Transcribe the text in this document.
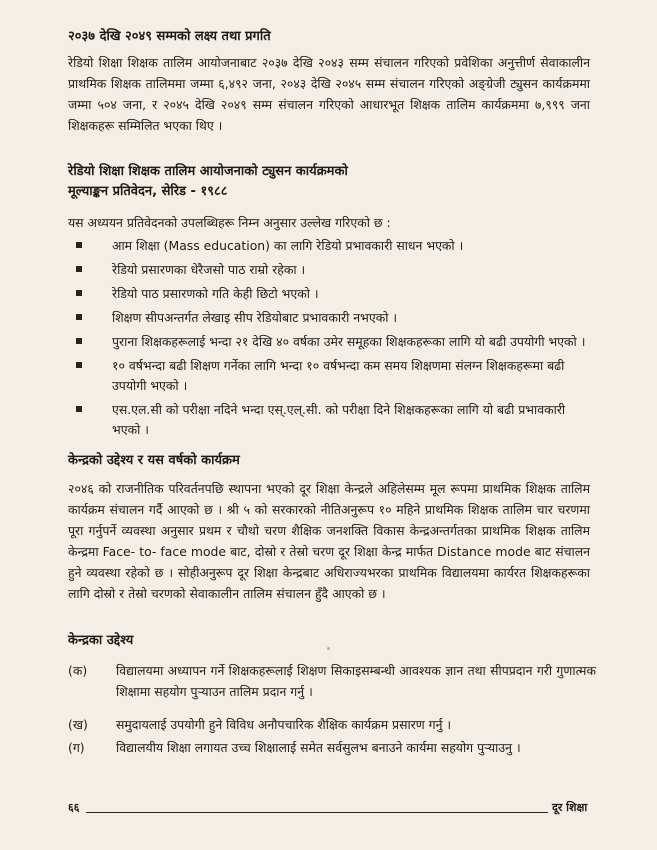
२०३७ देखि २०४९ सम्मको लक्ष्य तथा प्रगति
रेडियो शिक्षा शिक्षक तालिम आयोजनाबाट २०३७ देखि २०४३ सम्म संचालन गरिएको प्रवेशिका अनुत्तीर्ण सेवाकालीन प्राथमिक शिक्षक तालिममा जम्मा ६,४९२ जना, २०४३ देखि २०४५ सम्म संचालन गरिएको अङ्ग्रेजी ट्युसन कार्यक्रममा जम्मा ५०४ जना, र २०४५ देखि २०४९ सम्म संचालन गरिएको आधारभूत शिक्षक तालिम कार्यक्रममा ७,९९९ जना शिक्षकहरू सम्मिलित भएका थिए ।
रेडियो शिक्षा शिक्षक तालिम आयोजनाको ट्युसन कार्यक्रमको
मूल्याङ्कन प्रतिवेदन, सेरिड - १९८८
यस अध्ययन प्रतिवेदनको उपलब्धिहरू निम्न अनुसार उल्लेख गरिएको छ :
आम शिक्षा (Mass education) का लागि रेडियो प्रभावकारी साधन भएको ।
रेडियो प्रसारणका धेरैजसो पाठ राम्रो रहेका ।
रेडियो पाठ प्रसारणको गति केही छिटो भएको ।
शिक्षण सीपअन्तर्गत लेखाइ सीप रेडियोबाट प्रभावकारी नभएको ।
पुराना शिक्षकहरूलाई भन्दा २१ देखि ४० वर्षका उमेर समूहका शिक्षकहरूका लागि यो बढी उपयोगी भएको ।
१० वर्षभन्दा बढी शिक्षण गर्नेका लागि भन्दा १० वर्षभन्दा कम समय शिक्षणमा संलग्न शिक्षकहरूमा बढी उपयोगी भएको ।
एस.एल.सी को परीक्षा नदिने भन्दा एस्.एल्.सी. को परीक्षा दिने शिक्षकहरूका लागि यो बढी प्रभावकारी भएको ।
केन्द्रको उद्देश्य र यस वर्षको कार्यक्रम
२०४६ को राजनीतिक परिवर्तनपछि स्थापना भएको दूर शिक्षा केन्द्रले अहिलेसम्म मूल रूपमा प्राथमिक शिक्षक तालिम कार्यक्रम संचालन गर्दै आएको छ । श्री ५ को सरकारको नीतिअनुरूप १० महिने प्राथमिक शिक्षक तालिम चार चरणमा पूरा गर्नुपर्ने व्यवस्था अनुसार प्रथम र चौथो चरण शैक्षिक जनशक्ति विकास केन्द्रअन्तर्गतका प्राथमिक शिक्षक तालिम केन्द्रमा Face- to- face mode बाट, दोस्रो र तेस्रो चरण दूर शिक्षा केन्द्र मार्फत Distance mode बाट संचालन हुने व्यवस्था रहेको छ । सोहीअनुरूप दूर शिक्षा केन्द्रबाट अधिराज्यभरका प्राथमिक विद्यालयमा कार्यरत शिक्षकहरूका लागि दोस्रो र तेस्रो चरणको सेवाकालीन तालिम संचालन हुँदै आएको छ ।
केन्द्रका उद्देश्य
(क) विद्यालयमा अध्यापन गर्ने शिक्षकहरूलाई शिक्षण सिकाइसम्बन्धी आवश्यक ज्ञान तथा सीपप्रदान गरी गुणात्मक शिक्षामा सहयोग पुऱ्याउन तालिम प्रदान गर्नु ।
(ख) समुदायलाई उपयोगी हुने विविध अनौपचारिक शैक्षिक कार्यक्रम प्रसारण गर्नु ।
(ग)	विद्यालयीय शिक्षा लगायत उच्च शिक्षालाई समेत सर्वसुलभ बनाउने कार्यमा सहयोग पुऱ्याउनु ।
६६	दूर शिक्षा
